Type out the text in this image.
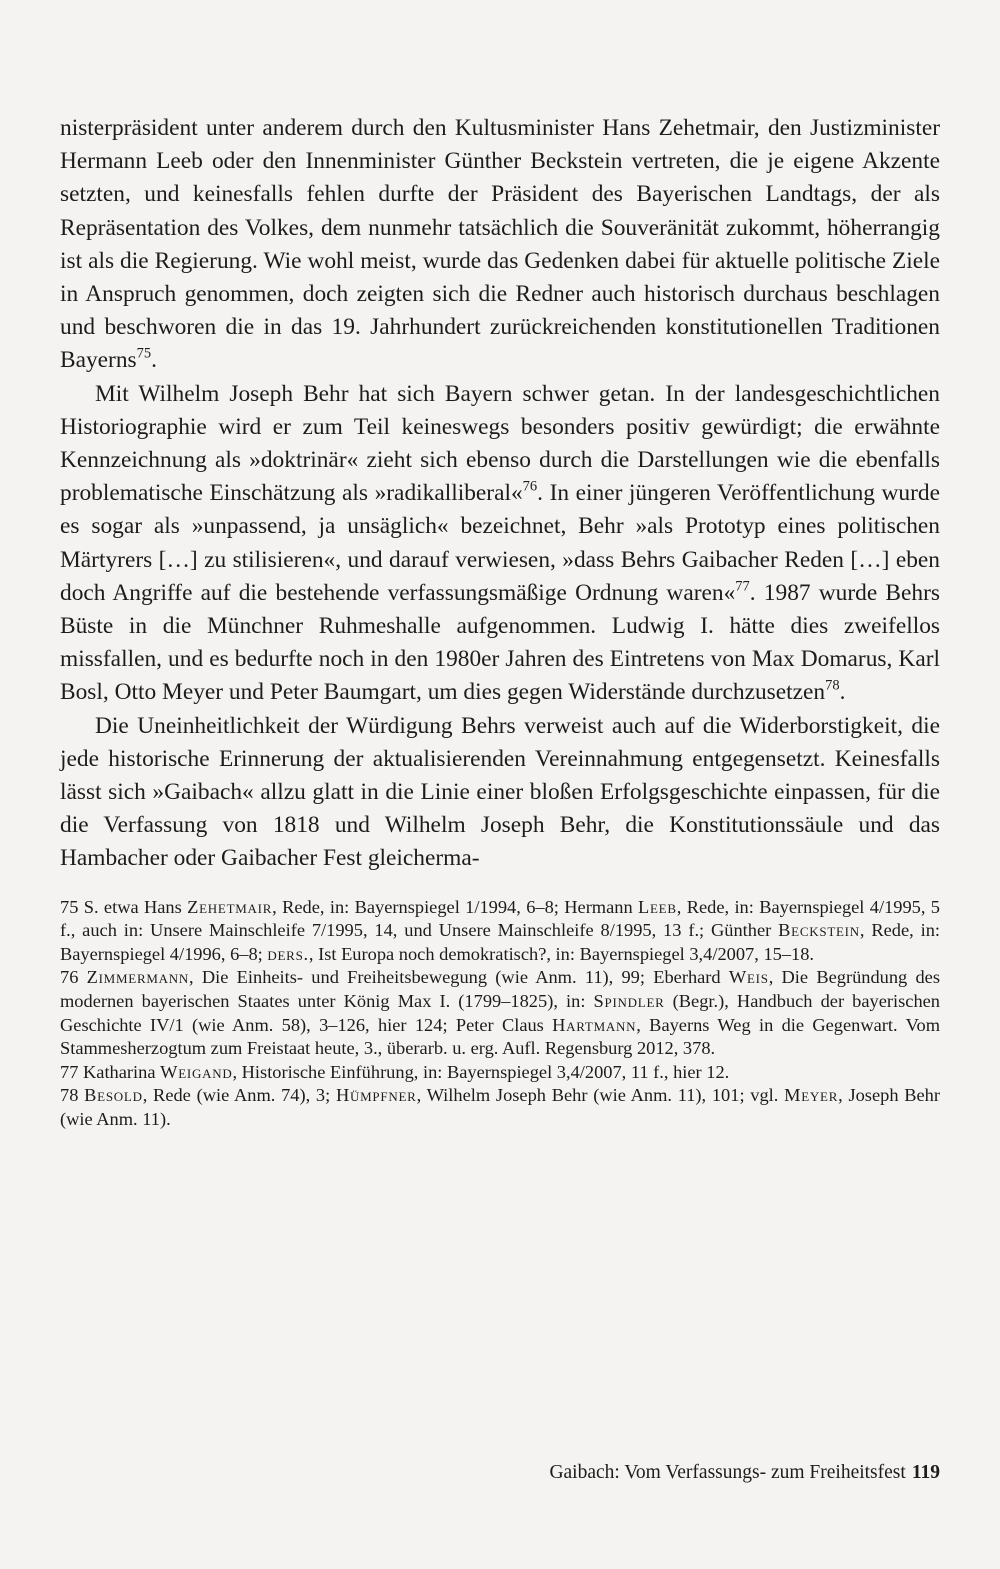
nisterpräsident unter anderem durch den Kultusminister Hans Zehetmair, den Justizminister Hermann Leeb oder den Innenminister Günther Beckstein vertreten, die je eigene Akzente setzten, und keinesfalls fehlen durfte der Präsident des Bayerischen Landtags, der als Repräsentation des Volkes, dem nunmehr tatsächlich die Souveränität zukommt, höherrangig ist als die Regierung. Wie wohl meist, wurde das Gedenken dabei für aktuelle politische Ziele in Anspruch genommen, doch zeigten sich die Redner auch historisch durchaus beschlagen und beschworen die in das 19. Jahrhundert zurückreichenden konstitutionellen Traditionen Bayerns$^{75}$.

Mit Wilhelm Joseph Behr hat sich Bayern schwer getan. In der landesgeschichtlichen Historiographie wird er zum Teil keineswegs besonders positiv gewürdigt; die erwähnte Kennzeichnung als »doktrinär« zieht sich ebenso durch die Darstellungen wie die ebenfalls problematische Einschätzung als »radikalliberal«$^{76}$. In einer jüngeren Veröffentlichung wurde es sogar als »unpassend, ja unsäglich« bezeichnet, Behr »als Prototyp eines politischen Märtyrers […] zu stilisieren«, und darauf verwiesen, »dass Behrs Gaibacher Reden […] eben doch Angriffe auf die bestehende verfassungsmäßige Ordnung waren«$^{77}$. 1987 wurde Behrs Büste in die Münchner Ruhmeshalle aufgenommen. Ludwig I. hätte dies zweifellos missfallen, und es bedurfte noch in den 1980er Jahren des Eintretens von Max Domarus, Karl Bosl, Otto Meyer und Peter Baumgart, um dies gegen Widerstände durchzusetzen$^{78}$.

Die Uneinheitlichkeit der Würdigung Behrs verweist auch auf die Widerborstigkeit, die jede historische Erinnerung der aktualisierenden Vereinnahmung entgegensetzt. Keinesfalls lässt sich »Gaibach« allzu glatt in die Linie einer bloßen Erfolgsgeschichte einpassen, für die die Verfassung von 1818 und Wilhelm Joseph Behr, die Konstitutionssäule und das Hambacher oder Gaibacher Fest gleicherma-

75 S. etwa Hans Zehetmair, Rede, in: Bayernspiegel 1/1994, 6–8; Hermann Leeb, Rede, in: Bayernspiegel 4/1995, 5 f., auch in: Unsere Mainschleife 7/1995, 14, und Unsere Mainschleife 8/1995, 13 f.; Günther Beckstein, Rede, in: Bayernspiegel 4/1996, 6–8; ders., Ist Europa noch demokratisch?, in: Bayernspiegel 3,4/2007, 15–18.

76 Zimmermann, Die Einheits- und Freiheitsbewegung (wie Anm. 11), 99; Eberhard Weis, Die Begründung des modernen bayerischen Staates unter König Max I. (1799–1825), in: Spindler (Begr.), Handbuch der bayerischen Geschichte IV/1 (wie Anm. 58), 3–126, hier 124; Peter Claus Hartmann, Bayerns Weg in die Gegenwart. Vom Stammesherzogtum zum Freistaat heute, 3., überarb. u. erg. Aufl. Regensburg 2012, 378.

77 Katharina Weigand, Historische Einführung, in: Bayernspiegel 3,4/2007, 11 f., hier 12.

78 Besold, Rede (wie Anm. 74), 3; Hümpfner, Wilhelm Joseph Behr (wie Anm. 11), 101; vgl. Meyer, Joseph Behr (wie Anm. 11).

Gaibach: Vom Verfassungs- zum Freiheitsfest 119
